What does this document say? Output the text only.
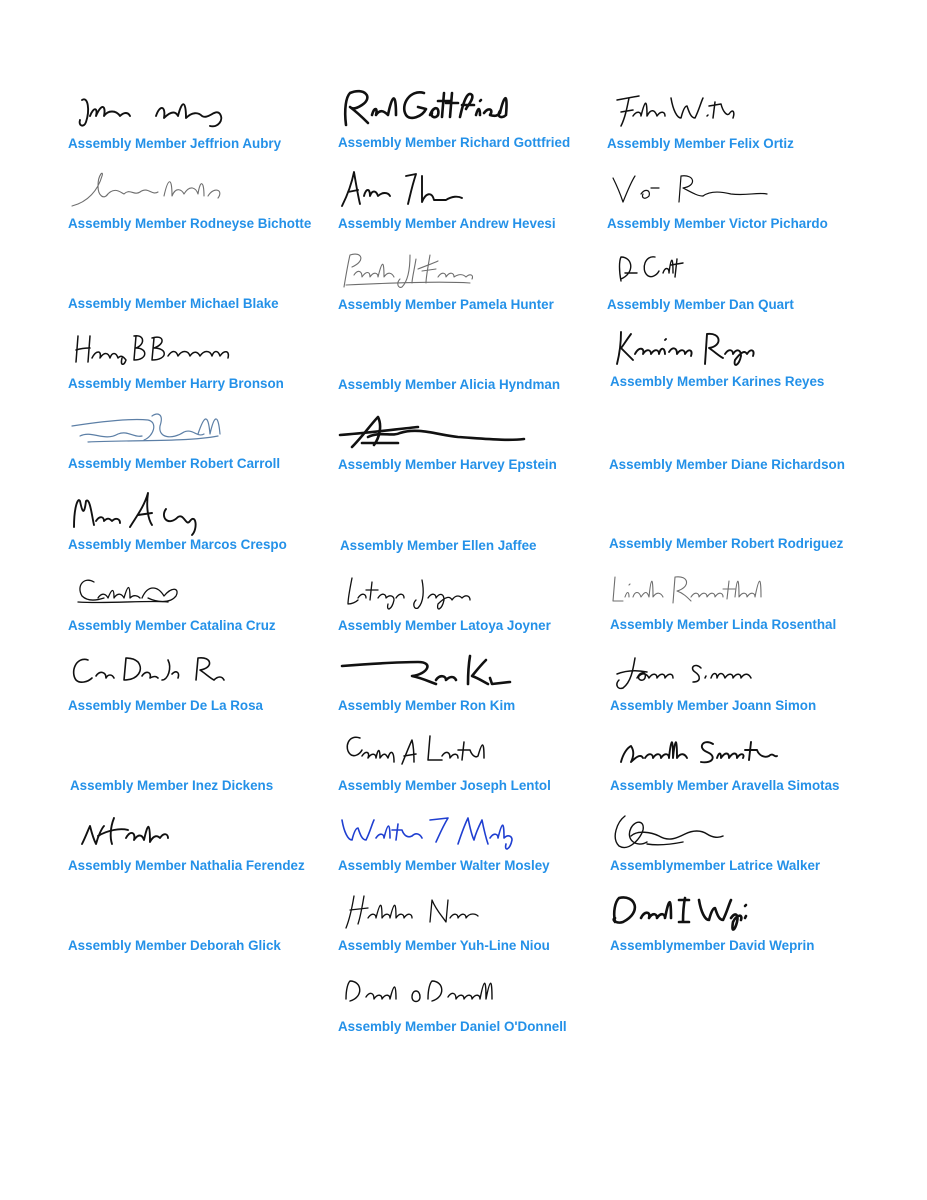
Assembly Member Jeffrion Aubry

Assembly Member Rodneyse Bichotte

Assembly Member Michael Blake

Assembly Member Harry Bronson

Assembly Member Robert Carroll

Assembly Member Marcos Crespo

Assembly Member Catalina Cruz

Assembly Member De La Rosa

Assembly Member Inez Dickens

Assembly Member Nathalia Ferendez

Assembly Member Deborah Glick

Assembly Member Richard Gottfried

Assembly Member Andrew Hevesi

Assembly Member Pamela Hunter

Assembly Member Alicia Hyndman

Assembly Member Harvey Epstein

Assembly Member Ellen Jaffee

Assembly Member Latoya Joyner

Assembly Member Ron Kim

Assembly Member Joseph Lentol

Assembly Member Walter Mosley

Assembly Member Yuh-Line Niou

Assembly Member Daniel O'Donnell

Assembly Member Felix Ortiz

Assembly Member Victor Pichardo

Assembly Member Dan Quart

Assembly Member Karines Reyes

Assembly Member Diane Richardson

Assembly Member Robert Rodriguez

Assembly Member Linda Rosenthal

Assembly Member Joann Simon

Assembly Member Aravella Simotas

Assemblymember Latrice Walker

Assemblymember David Weprin
